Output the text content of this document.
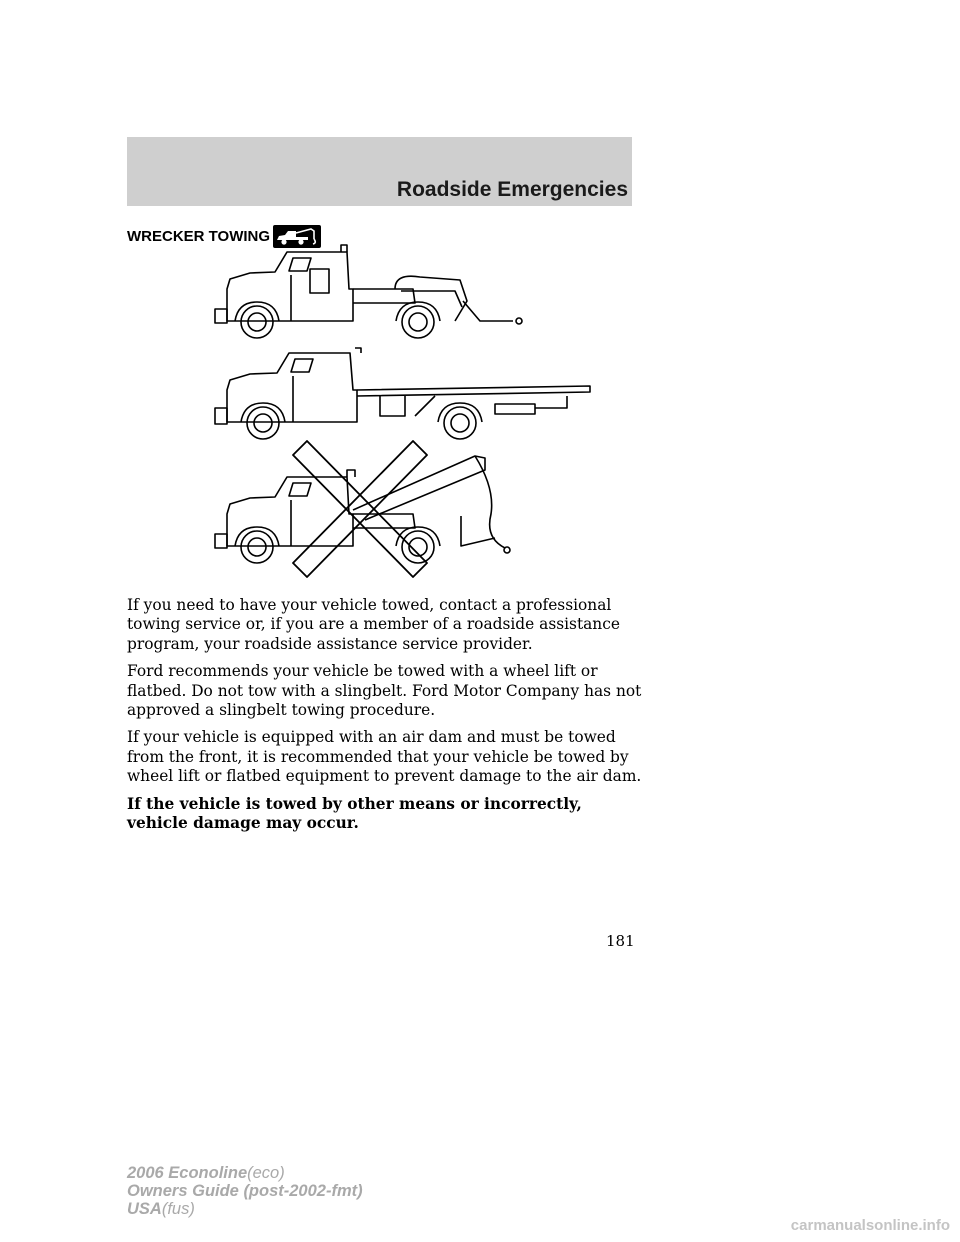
Roadside Emergencies
WRECKER TOWING

If you need to have your vehicle towed, contact a professional towing service or, if you are a member of a roadside assistance program, your roadside assistance service provider.

Ford recommends your vehicle be towed with a wheel lift or flatbed. Do not tow with a slingbelt. Ford Motor Company has not approved a slingbelt towing procedure.

If your vehicle is equipped with an air dam and must be towed from the front, it is recommended that your vehicle be towed by wheel lift or flatbed equipment to prevent damage to the air dam.

If the vehicle is towed by other means or incorrectly, vehicle damage may occur.

181
2006 Econoline(eco)
Owners Guide (post-2002-fmt)
USA(fus)
carmanualsonline.info
